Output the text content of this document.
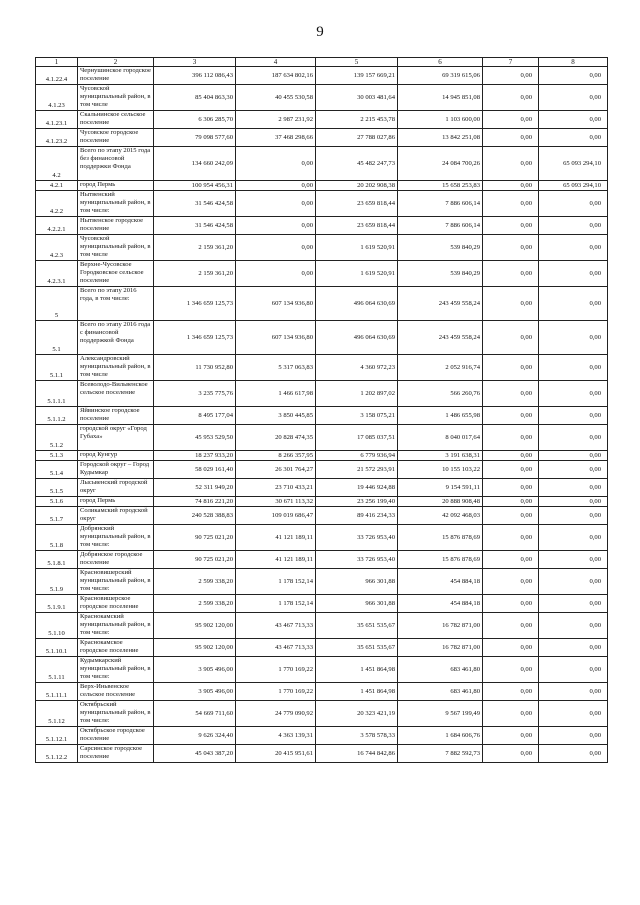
9
1	2	3	4	5	6	7	8
4.1.22.4	Чернушинское городское поселение	396 112 086,43	187 634 802,16	139 157 669,21	69 319 615,06	0,00	0,00
4.1.23	Чусовской муниципальный район, в том числе	85 404 863,30	40 455 530,58	30 003 481,64	14 945 851,08	0,00	0,00
4.1.23.1	Скальнинское сельское поселение	6 306 285,70	2 987 231,92	2 215 453,78	1 103 600,00	0,00	0,00
4.1.23.2	Чусовское городское поселение	79 098 577,60	37 468 298,66	27 788 027,86	13 842 251,08	0,00	0,00
4.2	Всего по этапу 2015 года без финансовой поддержки Фонда	134 660 242,09	0,00	45 482 247,73	24 084 700,26	0,00	65 093 294,10
4.2.1	город Пермь	100 954 456,31	0,00	20 202 908,38	15 658 253,83	0,00	65 093 294,10
4.2.2	Нытвенский муниципальный район, в том числе:	31 546 424,58	0,00	23 659 818,44	7 886 606,14	0,00	0,00
4.2.2.1	Нытвенское городское поселение	31 546 424,58	0,00	23 659 818,44	7 886 606,14	0,00	0,00
4.2.3	Чусовской муниципальный район, в том числе	2 159 361,20	0,00	1 619 520,91	539 840,29	0,00	0,00
4.2.3.1	Верхне-Чусовское Городковское сельское поселение	2 159 361,20	0,00	1 619 520,91	539 840,29	0,00	0,00
5	Всего по этапу 2016 года, в том числе:	1 346 659 125,73	607 134 936,80	496 064 630,69	243 459 558,24	0,00	0,00
5.1	Всего по этапу 2016 года с финансовой поддержкой Фонда	1 346 659 125,73	607 134 936,80	496 064 630,69	243 459 558,24	0,00	0,00
5.1.1	Александровский муниципальный район, в том числе	11 730 952,80	5 317 063,83	4 360 972,23	2 052 916,74	0,00	0,00
5.1.1.1	Всеволодо-Вильвенское сельское поселение	3 235 775,76	1 466 617,98	1 202 897,02	566 260,76	0,00	0,00
5.1.1.2	Яйвинское городское поселение	8 495 177,04	3 850 445,85	3 158 075,21	1 486 655,98	0,00	0,00
5.1.2	городской округ «Город Губаха»	45 953 529,50	20 828 474,35	17 085 037,51	8 040 017,64	0,00	0,00
5.1.3	город Кунгур	18 237 933,20	8 266 357,95	6 779 936,94	3 191 638,31	0,00	0,00
5.1.4	Городской округ – Город Кудымкар	58 029 161,40	26 301 764,27	21 572 293,91	10 155 103,22	0,00	0,00
5.1.5	Лысьвенский городской округ	52 311 949,20	23 710 433,21	19 446 924,88	9 154 591,11	0,00	0,00
5.1.6	город Пермь	74 816 221,20	30 671 113,32	23 256 199,40	20 888 908,48	0,00	0,00
5.1.7	Соликамский городской округ	240 528 388,83	109 019 686,47	89 416 234,33	42 092 468,03	0,00	0,00
5.1.8	Добрянский муниципальный район, в том числе:	90 725 021,20	41 121 189,11	33 726 953,40	15 876 878,69	0,00	0,00
5.1.8.1	Добрянское городское поселение	90 725 021,20	41 121 189,11	33 726 953,40	15 876 878,69	0,00	0,00
5.1.9	Красновишерский муниципальный район, в том числе:	2 599 338,20	1 178 152,14	966 301,88	454 884,18	0,00	0,00
5.1.9.1	Красновишерское городское поселение	2 599 338,20	1 178 152,14	966 301,88	454 884,18	0,00	0,00
5.1.10	Краснокамский муниципальный район, в том числе:	95 902 120,00	43 467 713,33	35 651 535,67	16 782 871,00	0,00	0,00
5.1.10.1	Краснокамское городское поселение	95 902 120,00	43 467 713,33	35 651 535,67	16 782 871,00	0,00	0,00
5.1.11	Кудымкарский муниципальный район, в том числе:	3 905 496,00	1 770 169,22	1 451 864,98	683 461,80	0,00	0,00
5.1.11.1	Верх-Иньвенское сельское поселение	3 905 496,00	1 770 169,22	1 451 864,98	683 461,80	0,00	0,00
5.1.12	Октябрьский муниципальный район, в том числе:	54 669 711,60	24 779 090,92	20 323 421,19	9 567 199,49	0,00	0,00
5.1.12.1	Октябрьское городское поселение	9 626 324,40	4 363 139,31	3 578 578,33	1 684 606,76	0,00	0,00
5.1.12.2	Сарсинское городское поселение	45 043 387,20	20 415 951,61	16 744 842,86	7 882 592,73	0,00	0,00
